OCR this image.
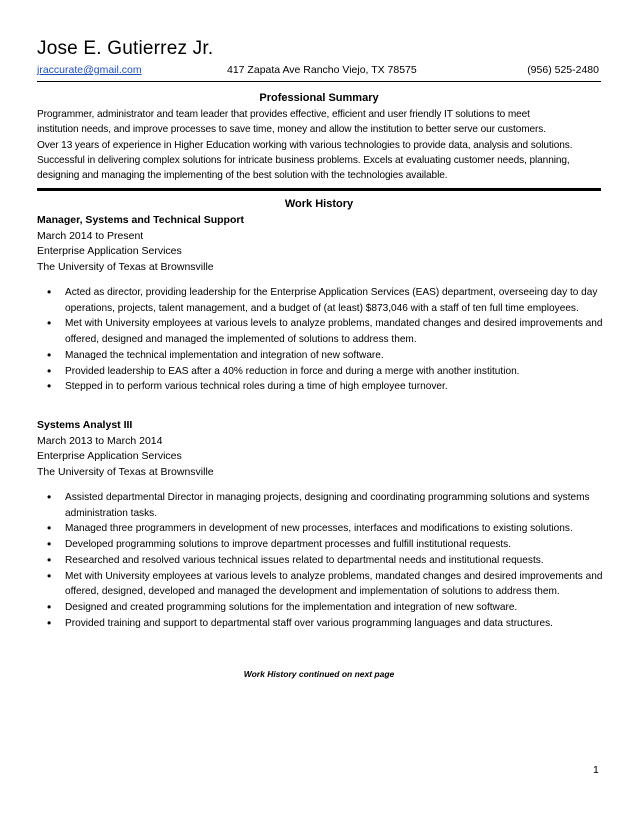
Jose E. Gutierrez Jr.
jraccurate@gmail.com	417 Zapata Ave Rancho Viejo, TX 78575	(956) 525-2480
Professional Summary

Programmer, administrator and team leader that provides effective, efficient and user friendly IT solutions to meet

institution needs, and improve processes to save time, money and allow the institution to better serve our customers.

Over 13 years of experience in Higher Education working with various technologies to provide data, analysis and solutions.

Successful in delivering complex solutions for intricate business problems. Excels at evaluating customer needs, planning,

designing and managing the implementing of the best solution with the technologies available.

Work History
Manager, Systems and Technical Support
March 2014 to Present
Enterprise Application Services
The University of Texas at Brownsville
• Acted as director, providing leadership for the Enterprise Application Services (EAS) department, overseeing day to day operations, projects, talent management, and a budget of (at least) $873,046 with a staff of ten full time employees.
• Met with University employees at various levels to analyze problems, mandated changes and desired improvements and offered, designed and managed the implemented of solutions to address them.
• Managed the technical implementation and integration of new software.
• Provided leadership to EAS after a 40% reduction in force and during a merge with another institution.
• Stepped in to perform various technical roles during a time of high employee turnover.
Systems Analyst III
March 2013 to March 2014
Enterprise Application Services
The University of Texas at Brownsville
• Assisted departmental Director in managing projects, designing and coordinating programming solutions and systems administration tasks.
• Managed three programmers in development of new processes, interfaces and modifications to existing solutions.
• Developed programming solutions to improve department processes and fulfill institutional requests.
• Researched and resolved various technical issues related to departmental needs and institutional requests.
• Met with University employees at various levels to analyze problems, mandated changes and desired improvements and offered, designed, developed and managed the development and implementation of solutions to address them.
• Designed and created programming solutions for the implementation and integration of new software.
• Provided training and support to departmental staff over various programming languages and data structures.
Work History continued on next page
1
